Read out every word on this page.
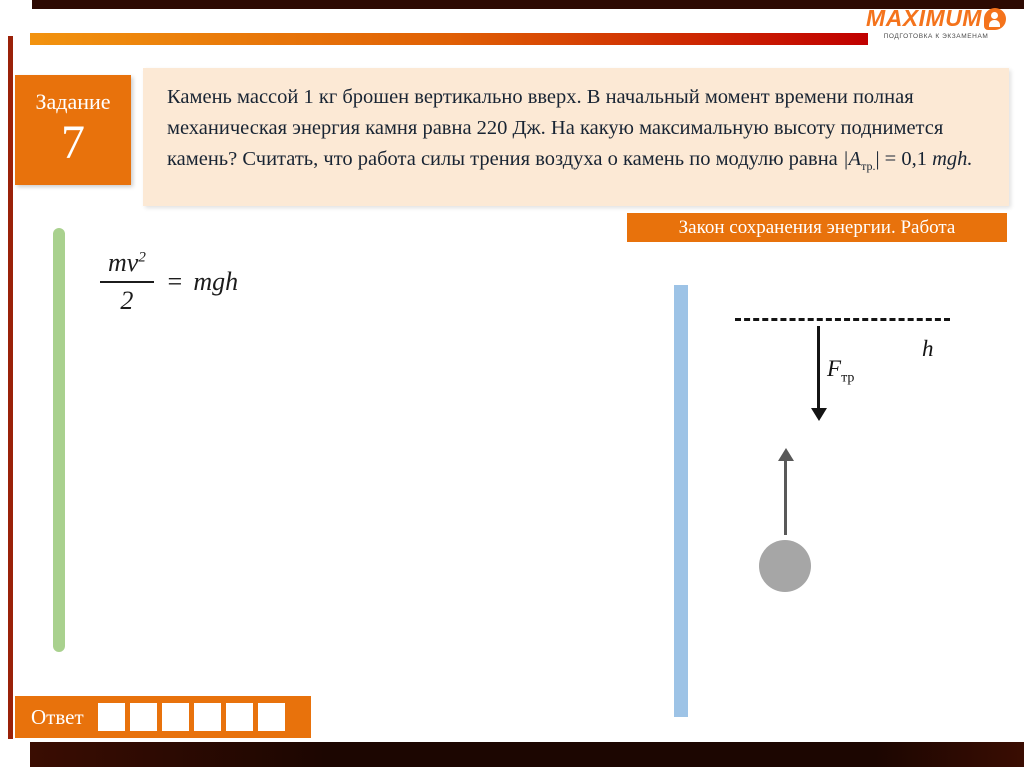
MAXIMUM
ПОДГОТОВКА К ЭКЗАМЕНАМ
Задание
7
Камень массой 1 кг брошен вертикально вверх. В начальный момент времени полная механическая энергия камня равна 220 Дж. На какую максимальную высоту поднимется камень? Считать, что работа силы трения воздуха о камень по модулю равна $|A_{тр.}| = 0,1$ mgh.
Закон сохранения энергии. Работа
$\frac{mv^2}{2}$ = mgh
h
$F_{тр}$
Ответ
